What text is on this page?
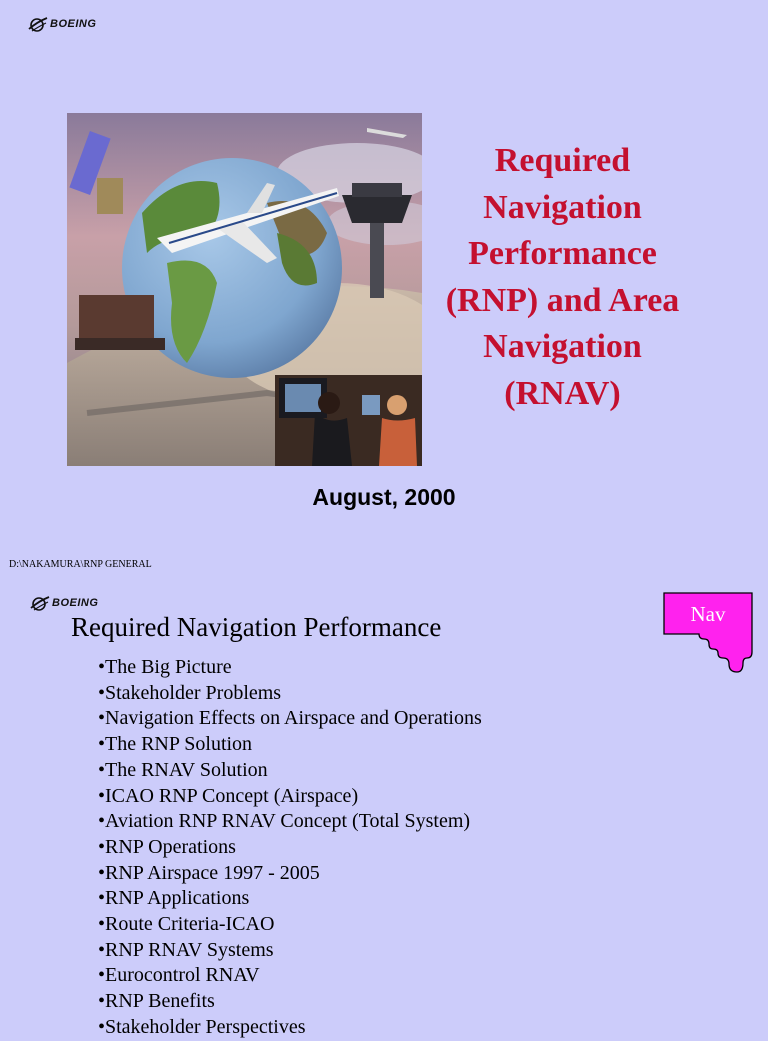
BOEING
Required
Navigation
Performance
(RNP) and Area
Navigation
(RNAV)
August, 2000
D:\NAKAMURA\RNP GENERAL
BOEING
Required Navigation Performance	Nav
•The Big Picture
•Stakeholder Problems
•Navigation Effects on Airspace and Operations
•The RNP Solution
•The RNAV Solution
•ICAO RNP Concept (Airspace)
•Aviation RNP RNAV Concept (Total System)
•RNP Operations
•RNP Airspace 1997 - 2005
•RNP Applications
•Route Criteria-ICAO
•RNP RNAV Systems
•Eurocontrol RNAV
•RNP Benefits
•Stakeholder Perspectives
